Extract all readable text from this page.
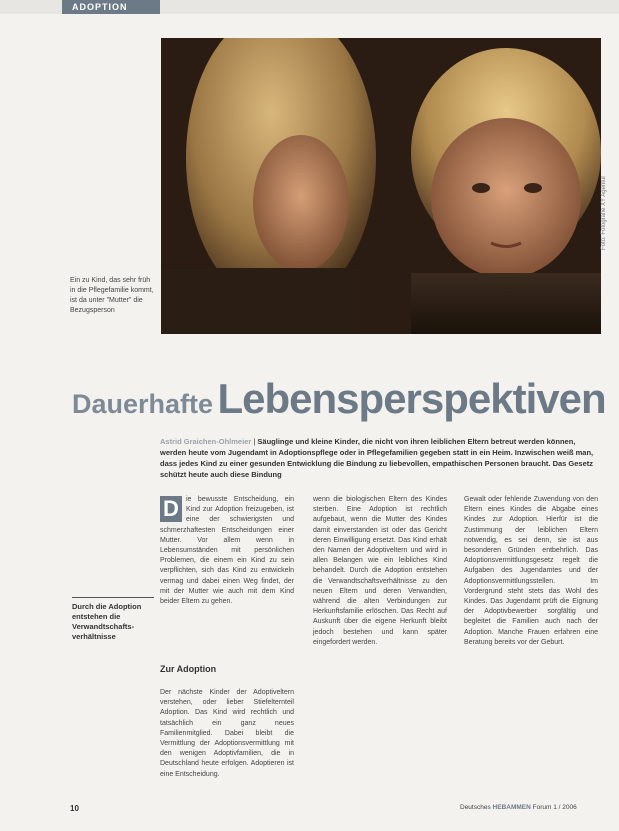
ADOPTION
Foto: Fotografie XY Agentur
Ein zu Kind, das sehr früh in die Pflegefamilie kommt, ist da unter "Mutter" die Bezugsperson
Dauerhafte Lebensperspektiven
Astrid Graichen-Ohlmeier | Säuglinge und kleine Kinder, die nicht von ihren leiblichen Eltern betreut werden können, werden heute vom Jugendamt in Adoptionspflege oder in Pflegefamilien gegeben statt in ein Heim. Inzwischen weiß man, dass jedes Kind zu einer gesunden Entwicklung die Bindung zu liebevollen, empathischen Personen braucht. Das Gesetz schützt heute auch diese Bindung
Durch die Adoption entstehen die Verwandtschafts-verhältnisse
D	ie bewusste Entscheidung, ein Kind zur Adoption freizugeben, ist eine der schwierigsten und schmerzhaftesten Entscheidungen einer Mutter. Vor allem wenn in Lebensumständen mit persönlichen Problemen, die einem ein Kind zu sein verpflichten, sich das Kind zu entwickeln vermag und dabei einen Weg findet, der mit der Mutter wie auch mit dem Kind beider Eltern zu gehen.
Zur Adoption
Der nächste Kinder der Adoptiveltern verstehen, oder lieber Stiefelternteil Adoption. Das Kind wird rechtlich und tatsächlich ein ganz neues Familienmitglied. Dabei bleibt die Vermittlung der Adoptionsvermittlung mit den wenigen Adoptivfamilien, die in Deutschland heute erfolgen. Adoptieren ist eine Entscheidung.
wenn die biologischen Eltern des Kindes sterben. Eine Adoption ist rechtlich aufgebaut, wenn die Mutter des Kindes damit einverstanden ist oder das Gericht deren Einwilligung ersetzt. Das Kind erhält den Namen der Adoptiveltern und wird in allen Belangen wie ein leibliches Kind behandelt. Durch die Adoption entstehen die Verwandtschaftsverhältnisse zu den neuen Eltern und deren Verwandten, während die alten Verbindungen zur Herkunftsfamilie erlöschen. Das Recht auf Auskunft über die eigene Herkunft bleibt jedoch bestehen und kann später eingefordert werden.
Gewalt oder fehlende Zuwendung von den Eltern eines Kindes die Abgabe eines Kindes zur Adoption. Hierfür ist die Zustimmung der leiblichen Eltern notwendig, es sei denn, sie ist aus besonderen Gründen entbehrlich. Das Adoptionsvermittlungsgesetz regelt die Aufgaben des Jugendamtes und der Adoptionsvermittlungsstellen. Im Vordergrund steht stets das Wohl des Kindes. Das Jugendamt prüft die Eignung der Adoptivbewerber sorgfältig und begleitet die Familien auch nach der Adoption. Manche Frauen erfahren eine Beratung bereits vor der Geburt.
10	Deutsches HEBAMMEN Forum 1 / 2006
